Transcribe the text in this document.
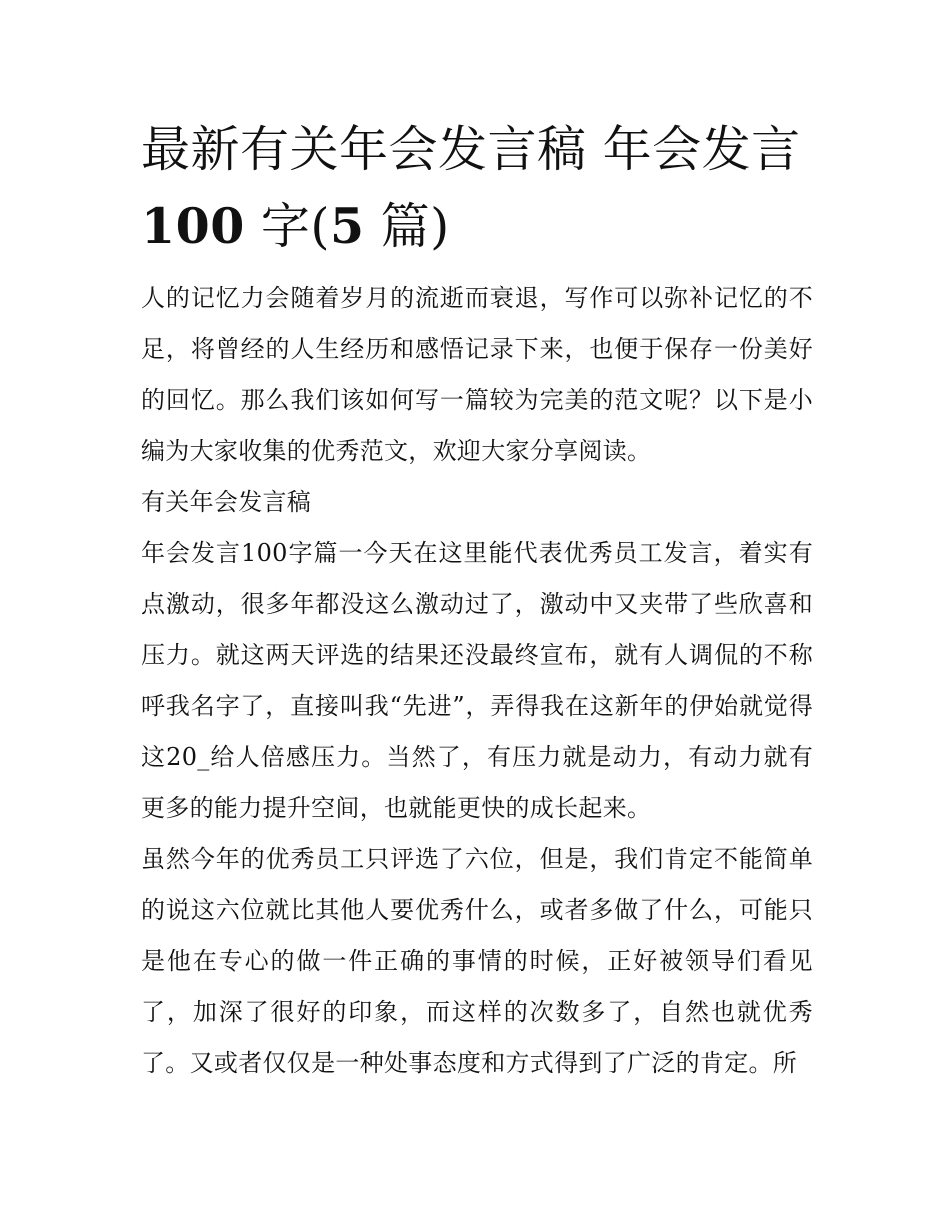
最新有关年会发言稿 年会发言
100 字(5 篇)

人的记忆力会随着岁月的流逝而衰退，写作可以弥补记忆的不足，将曾经的人生经历和感悟记录下来，也便于保存一份美好的回忆。那么我们该如何写一篇较为完美的范文呢？以下是小编为大家收集的优秀范文，欢迎大家分享阅读。

有关年会发言稿

年会发言100字篇一今天在这里能代表优秀员工发言，着实有点激动，很多年都没这么激动过了，激动中又夹带了些欣喜和压力。就这两天评选的结果还没最终宣布，就有人调侃的不称呼我名字了，直接叫我“先进”，弄得我在这新年的伊始就觉得这20_给人倍感压力。当然了，有压力就是动力，有动力就有更多的能力提升空间，也就能更快的成长起来。

虽然今年的优秀员工只评选了六位，但是，我们肯定不能简单的说这六位就比其他人要优秀什么，或者多做了什么，可能只是他在专心的做一件正确的事情的时候，正好被领导们看见了，加深了很好的印象，而这样的次数多了，自然也就优秀了。又或者仅仅是一种处事态度和方式得到了广泛的肯定。所
